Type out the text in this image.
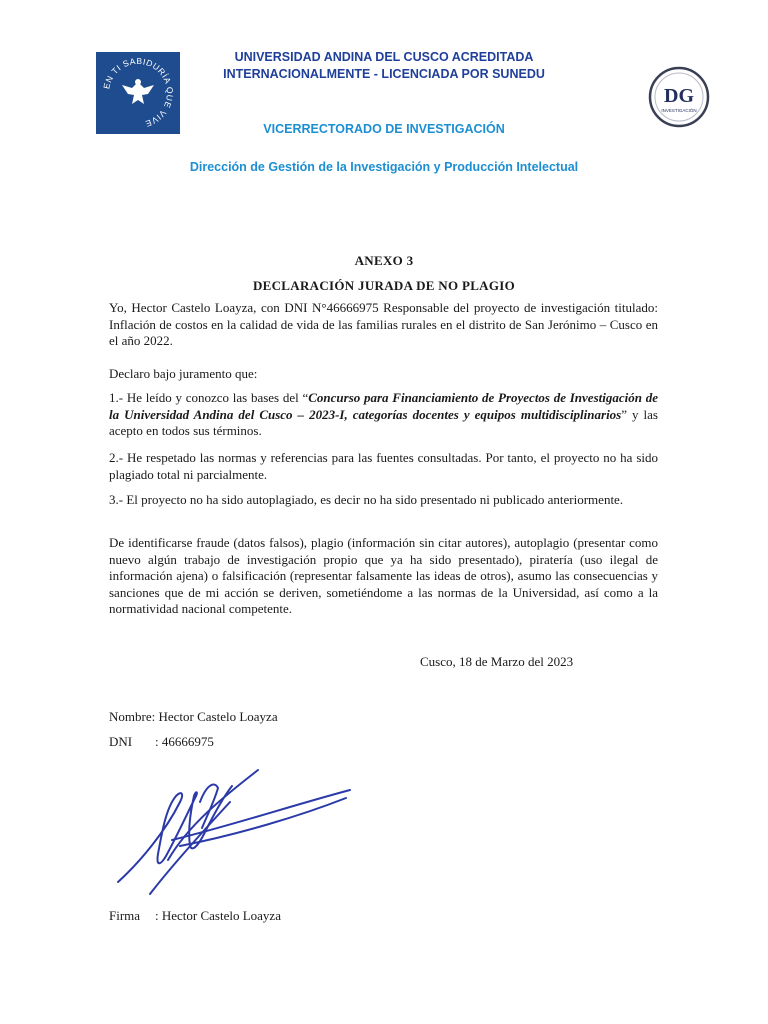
EN TI SABIDURÍA QUE VIVE
DG
INVESTIGACIÓN
UNIVERSIDAD ANDINA DEL CUSCO ACREDITADA
INTERNACIONALMENTE - LICENCIADA POR SUNEDU
VICERRECTORADO DE INVESTIGACIÓN
Dirección de Gestión de la Investigación y Producción Intelectual
ANEXO 3
DECLARACIÓN JURADA DE NO PLAGIO
Yo, Hector Castelo Loayza, con DNI N°46666975 Responsable del proyecto de investigación titulado: Inflación de costos en la calidad de vida de las familias rurales en el distrito de San Jerónimo – Cusco en el año 2022.
Declaro bajo juramento que:
1.- He leído y conozco las bases del “Concurso para Financiamiento de Proyectos de Investigación de la Universidad Andina del Cusco – 2023-I, categorías docentes y equipos multidisciplinarios” y las acepto en todos sus términos.
2.- He respetado las normas y referencias para las fuentes consultadas. Por tanto, el proyecto no ha sido plagiado total ni parcialmente.
3.- El proyecto no ha sido autoplagiado, es decir no ha sido presentado ni publicado anteriormente.
De identificarse fraude (datos falsos), plagio (información sin citar autores), autoplagio (presentar como nuevo algún trabajo de investigación propio que ya ha sido presentado), piratería (uso ilegal de información ajena) o falsificación (representar falsamente las ideas de otros), asumo las consecuencias y sanciones que de mi acción se deriven, sometiéndome a las normas de la Universidad, así como a la normatividad nacional competente.
Cusco, 18 de Marzo del 2023
Nombre: Hector Castelo Loayza
DNI : 46666975
Firma : Hector Castelo Loayza
